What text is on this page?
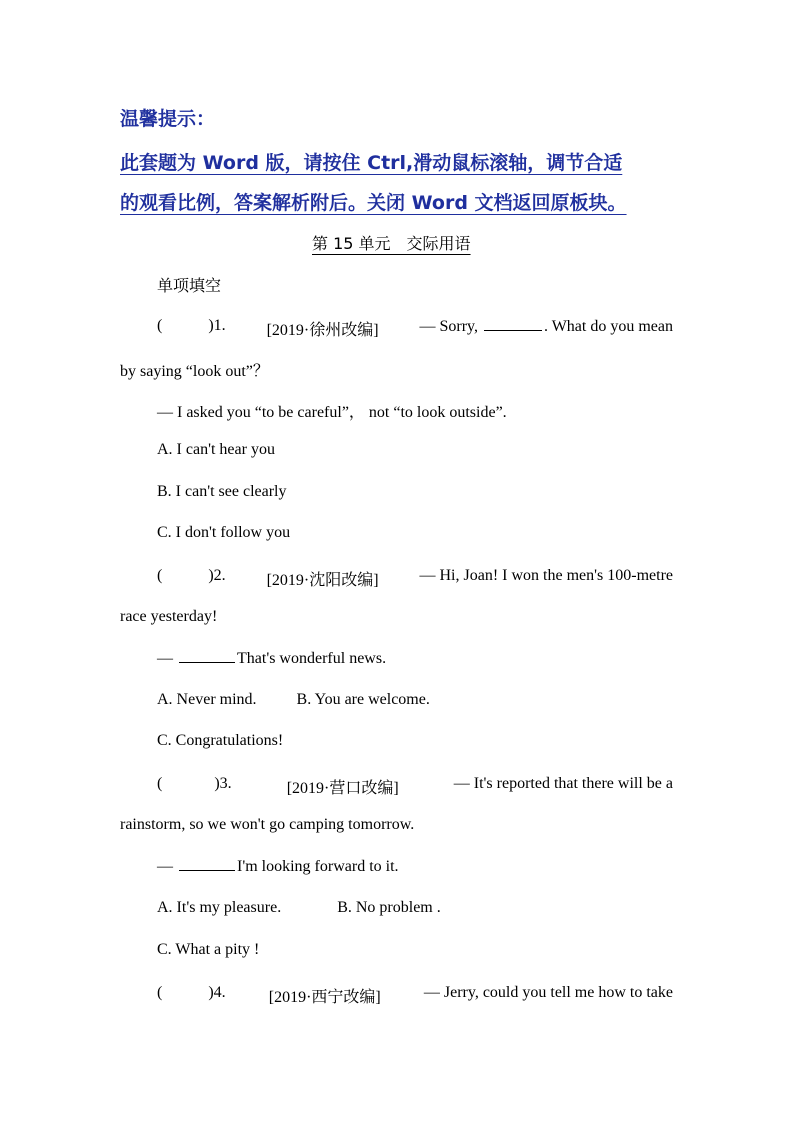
温馨提示：

此套题为 Word 版，请按住 Ctrl,滑动鼠标滚轴，调节合适

的观看比例，答案解析附后。关闭 Word 文档返回原板块。

第 15 单元　交际用语

单项填空

(	)1.	[2019·徐州改编]	— Sorry,	. What do you mean

by saying “look out”？

— I asked you “to be careful”， not “to look outside”.

A. I can't hear you

B. I can't see clearly

C. I don't follow you

(	)2.	[2019·沈阳改编]	— Hi, Joan! I won the men's 100-metre

race yesterday!

—	That's wonderful news.

A. Never mind.	B. You are welcome.

C. Congratulations!

(	)3.	[2019·营口改编]	— It's reported that there will be a

rainstorm, so we won't go camping tomorrow.

—	I'm looking forward to it.

A. It's my pleasure.	B. No problem .

C. What a pity !

(	)4.	[2019·西宁改编]	— Jerry, could you tell me how to take
